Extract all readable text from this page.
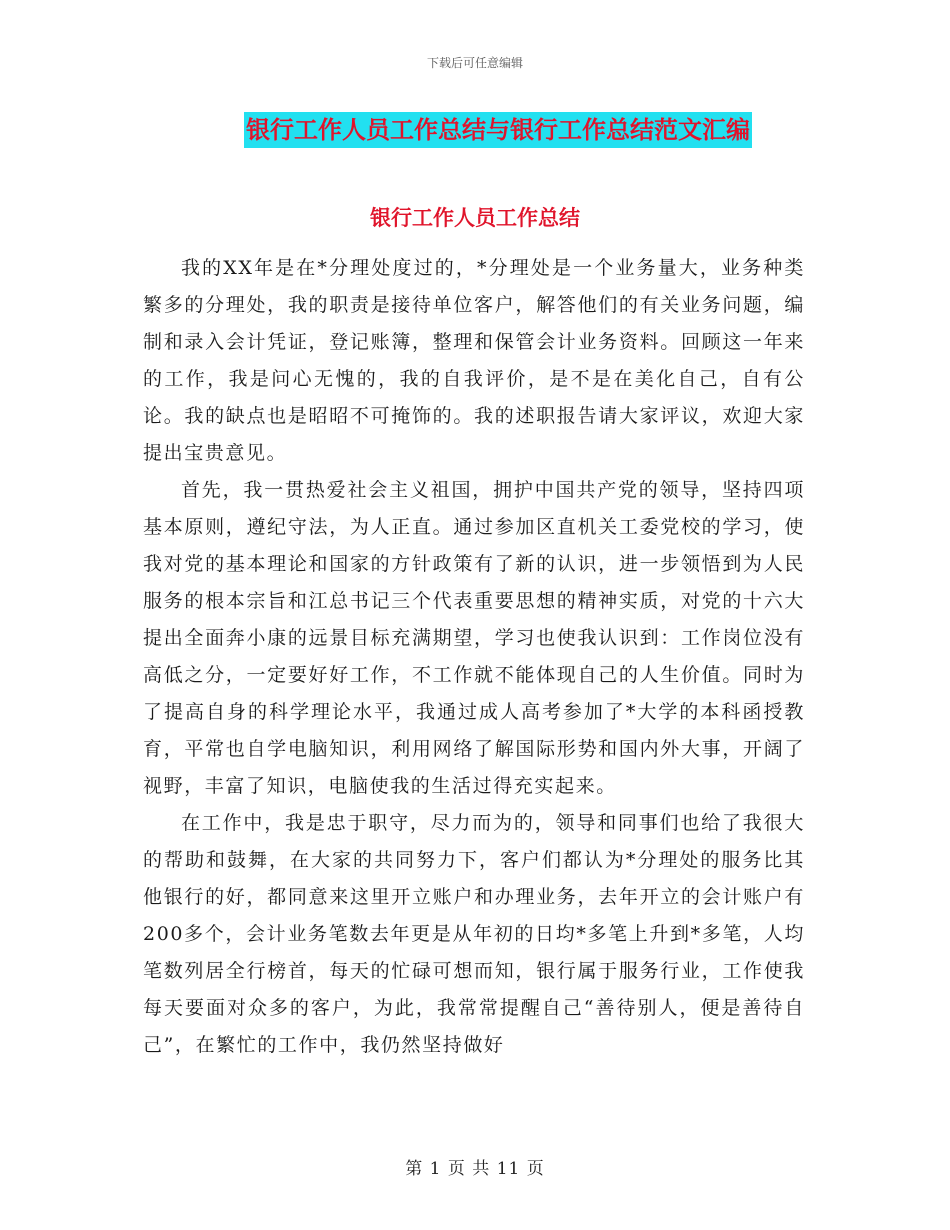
下载后可任意编辑
银行工作人员工作总结与银行工作总结范文汇编
银行工作人员工作总结

我的XX年是在*分理处度过的，*分理处是一个业务量大，业务种类繁多的分理处，我的职责是接待单位客户，解答他们的有关业务问题，编制和录入会计凭证，登记账簿，整理和保管会计业务资料。回顾这一年来的工作，我是问心无愧的，我的自我评价，是不是在美化自己，自有公论。我的缺点也是昭昭不可掩饰的。我的述职报告请大家评议，欢迎大家提出宝贵意见。

首先，我一贯热爱社会主义祖国，拥护中国共产党的领导，坚持四项基本原则，遵纪守法，为人正直。通过参加区直机关工委党校的学习，使我对党的基本理论和国家的方针政策有了新的认识，进一步领悟到为人民服务的根本宗旨和江总书记三个代表重要思想的精神实质，对党的十六大提出全面奔小康的远景目标充满期望，学习也使我认识到：工作岗位没有高低之分，一定要好好工作，不工作就不能体现自己的人生价值。同时为了提高自身的科学理论水平，我通过成人高考参加了*大学的本科函授教育，平常也自学电脑知识，利用网络了解国际形势和国内外大事，开阔了视野，丰富了知识，电脑使我的生活过得充实起来。

在工作中，我是忠于职守，尽力而为的，领导和同事们也给了我很大的帮助和鼓舞，在大家的共同努力下，客户们都认为*分理处的服务比其他银行的好，都同意来这里开立账户和办理业务，去年开立的会计账户有200多个，会计业务笔数去年更是从年初的日均*多笔上升到*多笔，人均笔数列居全行榜首，每天的忙碌可想而知，银行属于服务行业，工作使我每天要面对众多的客户，为此，我常常提醒自己“善待别人，便是善待自己”，在繁忙的工作中，我仍然坚持做好

第 1 页 共 11 页
